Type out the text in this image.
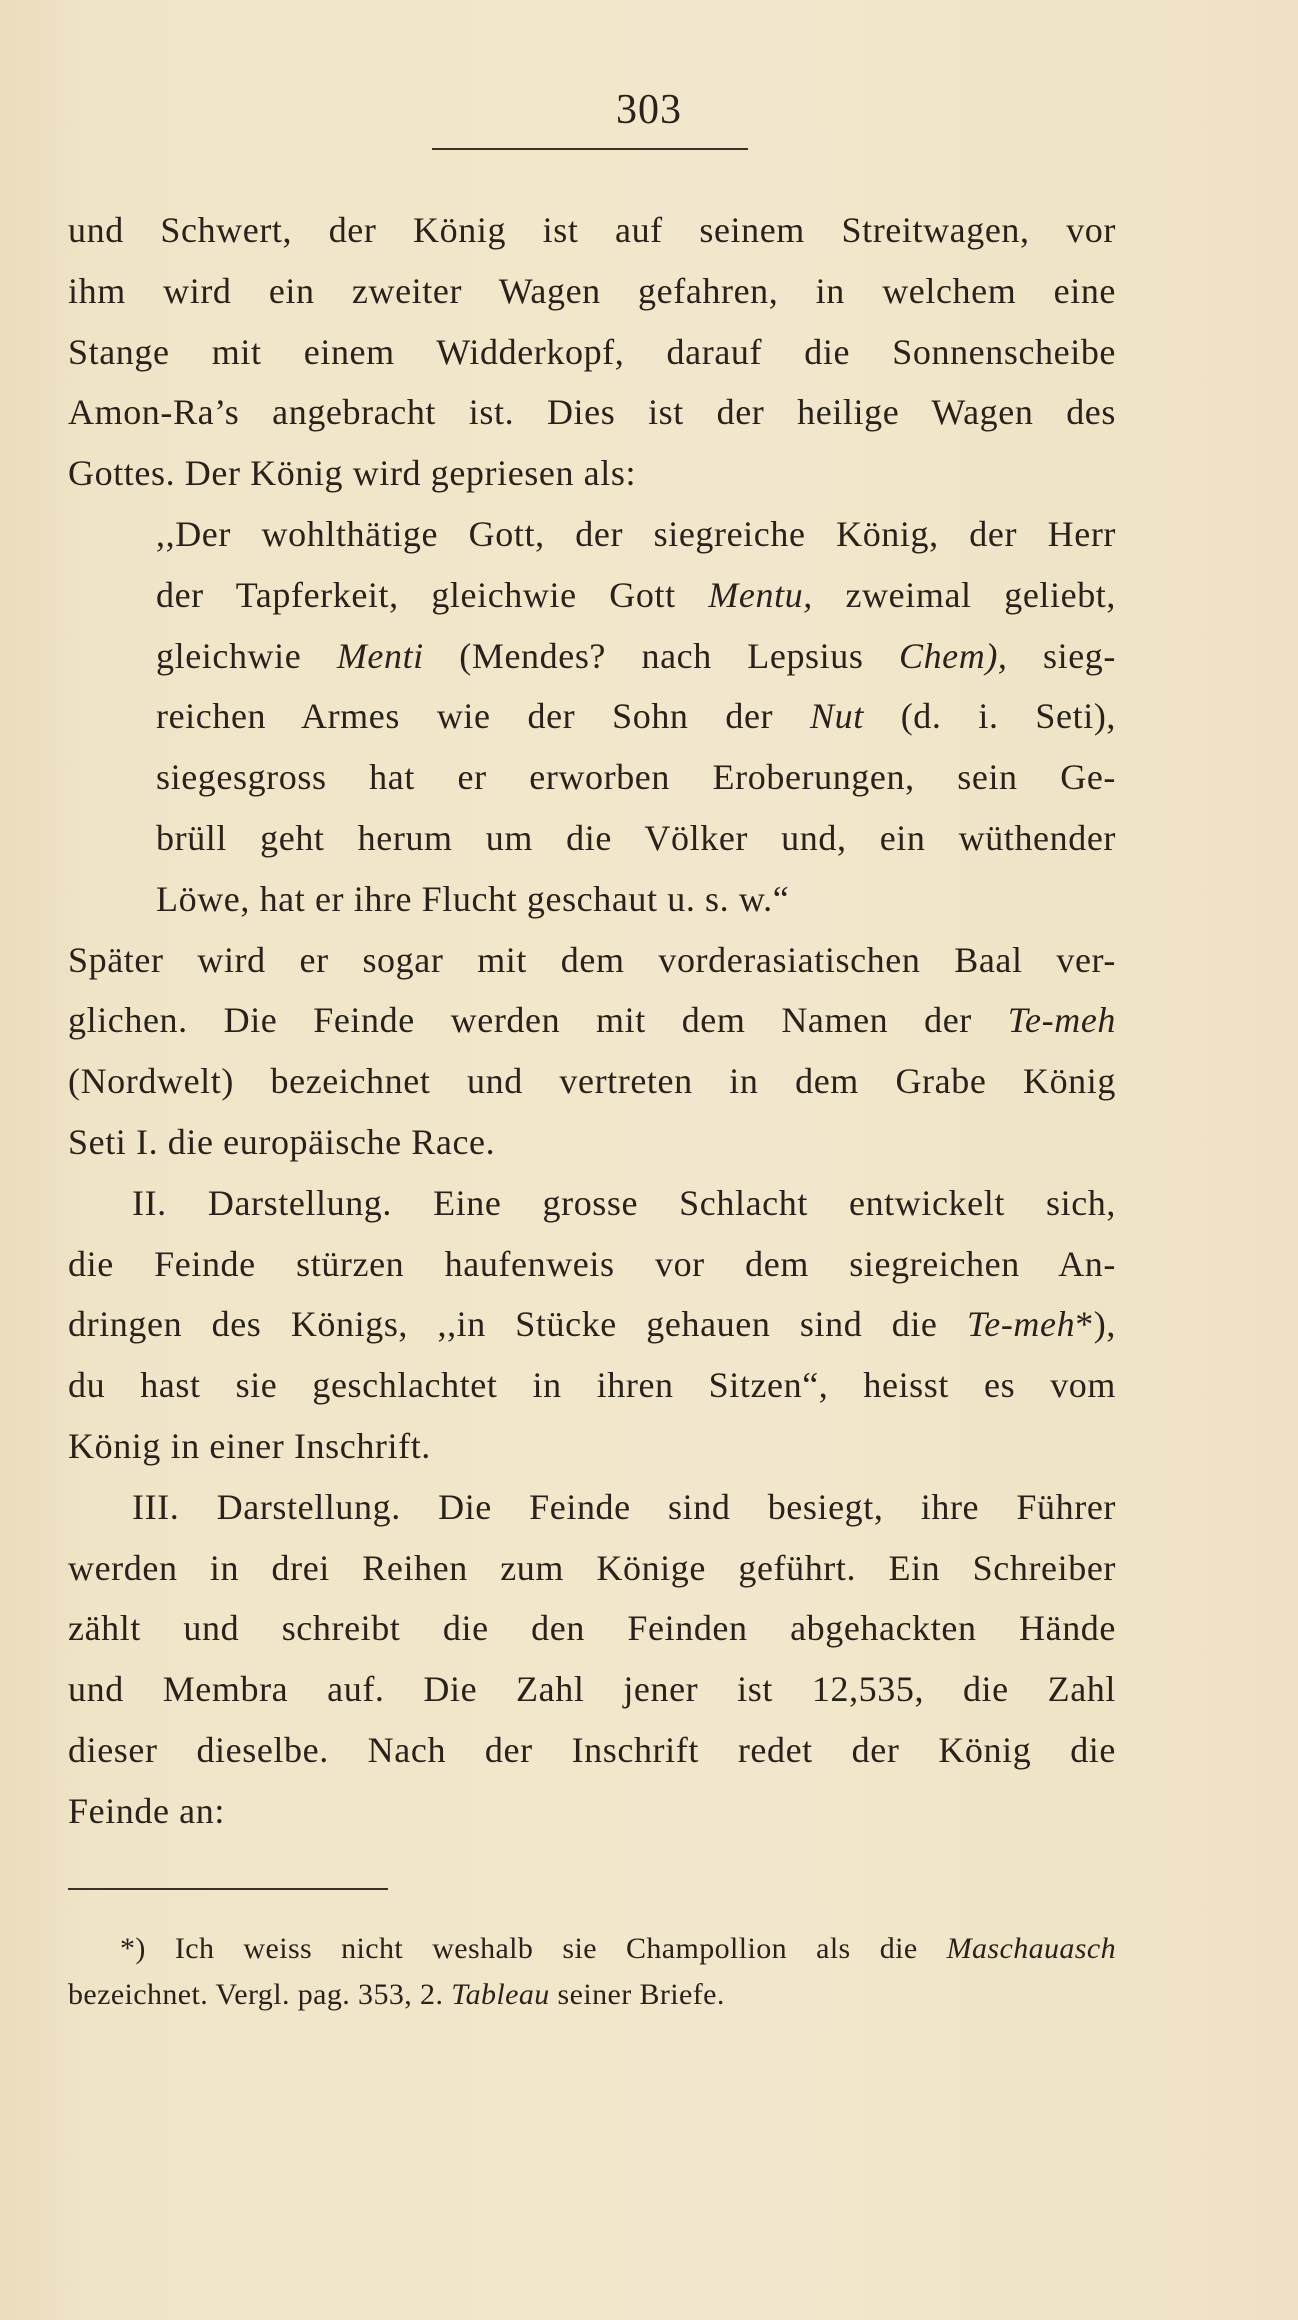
303

und Schwert, der König ist auf seinem Streitwagen, vor
ihm wird ein zweiter Wagen gefahren, in welchem eine
Stange mit einem Widderkopf, darauf die Sonnenscheibe
Amon-Ra’s angebracht ist. Dies ist der heilige Wagen des
Gottes. Der König wird gepriesen als:

,,Der wohlthätige Gott, der siegreiche König, der Herr
der Tapferkeit, gleichwie Gott Mentu, zweimal geliebt,
gleichwie Menti (Mendes? nach Lepsius Chem), sieg-
reichen Armes wie der Sohn der Nut (d. i. Seti),
siegesgross hat er erworben Eroberungen, sein Ge-
brüll geht herum um die Völker und, ein wüthender
Löwe, hat er ihre Flucht geschaut u. s. w.“

Später wird er sogar mit dem vorderasiatischen Baal ver-
glichen. Die Feinde werden mit dem Namen der Te-meh
(Nordwelt) bezeichnet und vertreten in dem Grabe König
Seti I. die europäische Race.

II. Darstellung. Eine grosse Schlacht entwickelt sich,
die Feinde stürzen haufenweis vor dem siegreichen An-
dringen des Königs, ,,in Stücke gehauen sind die Te-meh*),
du hast sie geschlachtet in ihren Sitzen“, heisst es vom
König in einer Inschrift.

III. Darstellung. Die Feinde sind besiegt, ihre Führer
werden in drei Reihen zum Könige geführt. Ein Schreiber
zählt und schreibt die den Feinden abgehackten Hände
und Membra auf. Die Zahl jener ist 12,535, die Zahl
dieser dieselbe. Nach der Inschrift redet der König die
Feinde an:

*) Ich weiss nicht weshalb sie Champollion als die Maschauasch
bezeichnet. Vergl. pag. 353, 2. Tableau seiner Briefe.
